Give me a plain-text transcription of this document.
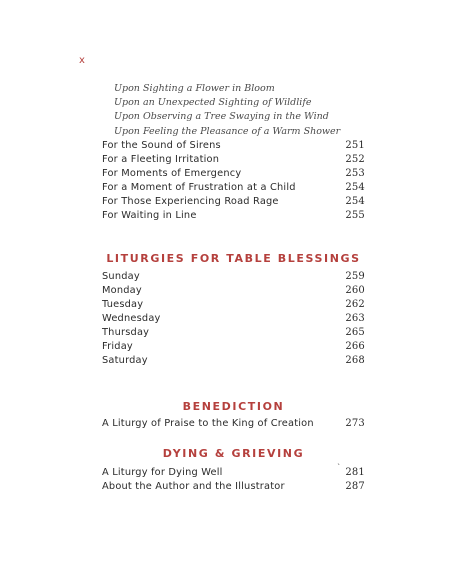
x
Upon Sighting a Flower in Bloom
Upon an Unexpected Sighting of Wildlife
Upon Observing a Tree Swaying in the Wind
Upon Feeling the Pleasance of a Warm Shower
For the Sound of Sirens	251
For a Fleeting Irritation	252
For Moments of Emergency	253
For a Moment of Frustration at a Child	254
For Those Experiencing Road Rage	254
For Waiting in Line	255
LITURGIES FOR TABLE BLESSINGS
Sunday	259
Monday	260
Tuesday	262
Wednesday	263
Thursday	265
Friday	266
Saturday	268
BENEDICTION
A Liturgy of Praise to the King of Creation	273
DYING & GRIEVING
`
A Liturgy for Dying Well	281
About the Author and the Illustrator	287
